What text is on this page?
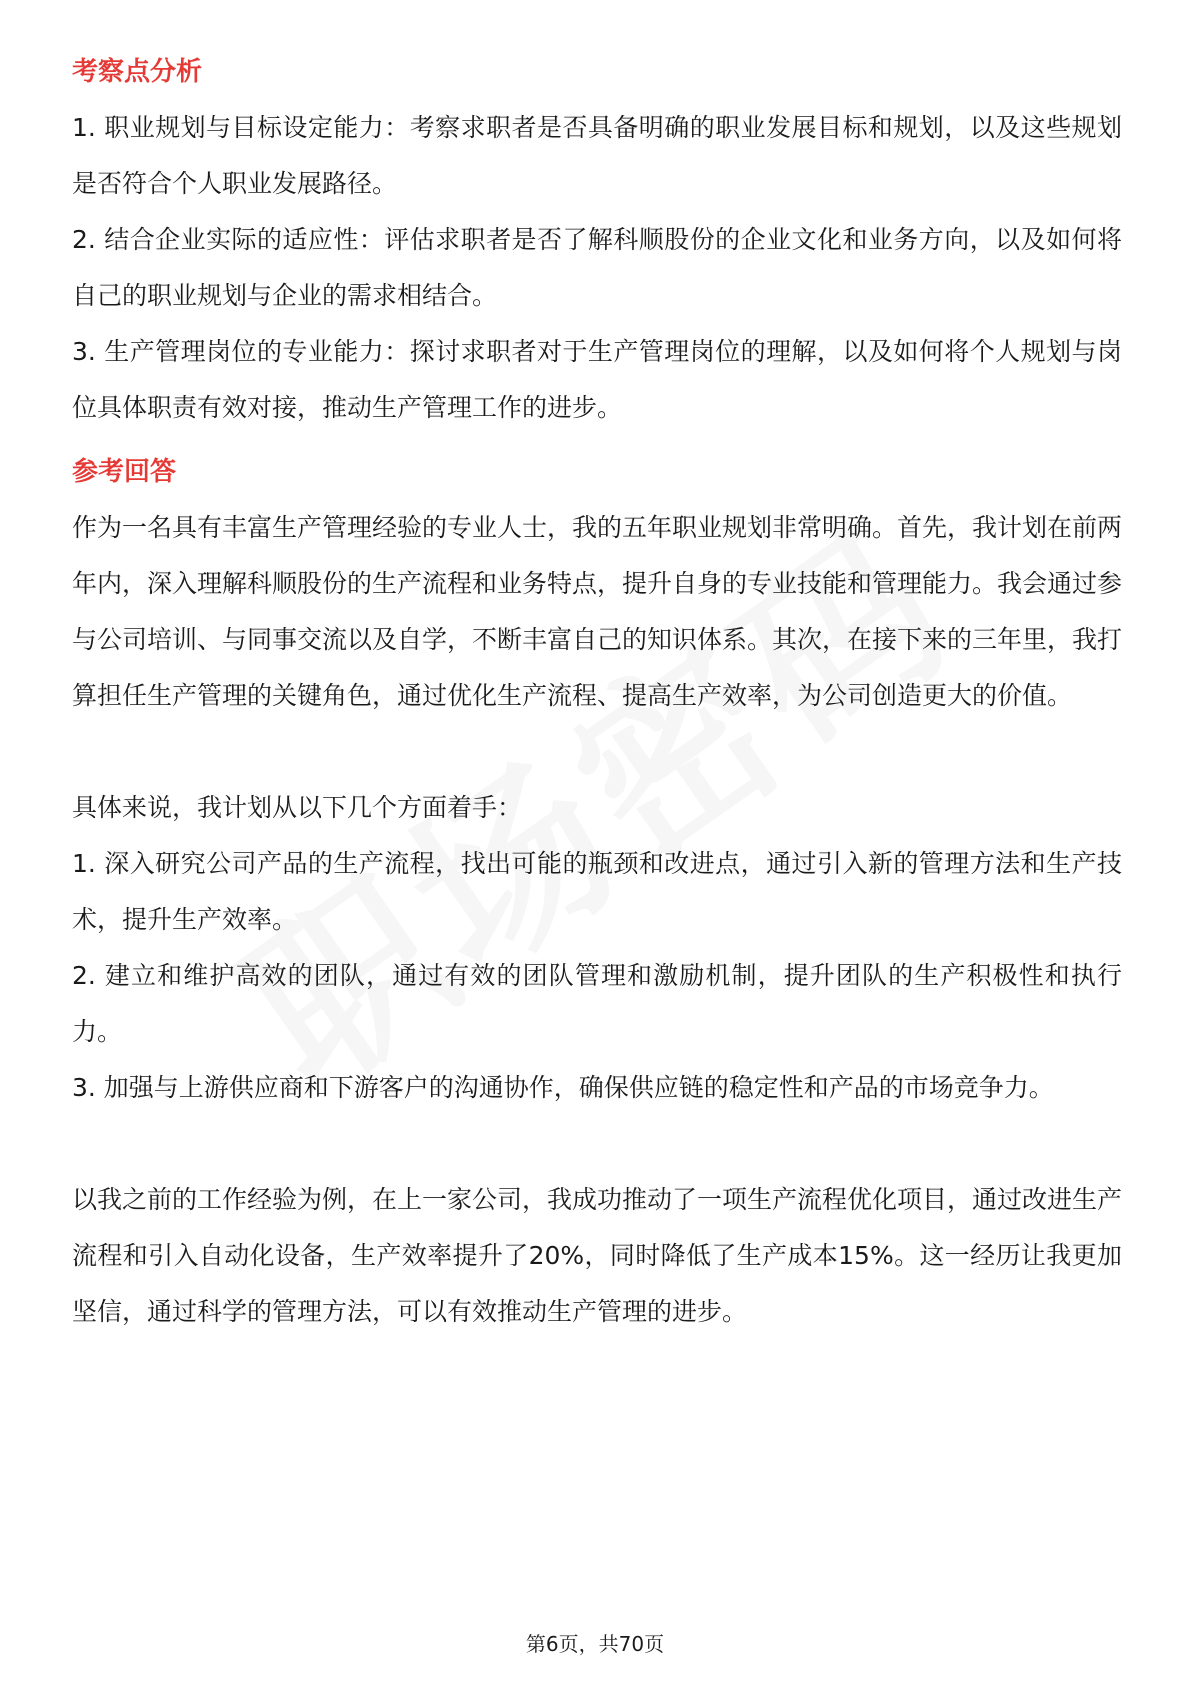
考察点分析

1. 职业规划与目标设定能力：考察求职者是否具备明确的职业发展目标和规划，以及这些规划是否符合个人职业发展路径。

2. 结合企业实际的适应性：评估求职者是否了解科顺股份的企业文化和业务方向，以及如何将自己的职业规划与企业的需求相结合。

3. 生产管理岗位的专业能力：探讨求职者对于生产管理岗位的理解，以及如何将个人规划与岗位具体职责有效对接，推动生产管理工作的进步。

参考回答

作为一名具有丰富生产管理经验的专业人士，我的五年职业规划非常明确。首先，我计划在前两年内，深入理解科顺股份的生产流程和业务特点，提升自身的专业技能和管理能力。我会通过参与公司培训、与同事交流以及自学，不断丰富自己的知识体系。其次，在接下来的三年里，我打算担任生产管理的关键角色，通过优化生产流程、提高生产效率，为公司创造更大的价值。

具体来说，我计划从以下几个方面着手：

1. 深入研究公司产品的生产流程，找出可能的瓶颈和改进点，通过引入新的管理方法和生产技术，提升生产效率。

2. 建立和维护高效的团队，通过有效的团队管理和激励机制，提升团队的生产积极性和执行力。

3. 加强与上游供应商和下游客户的沟通协作，确保供应链的稳定性和产品的市场竞争力。

以我之前的工作经验为例，在上一家公司，我成功推动了一项生产流程优化项目，通过改进生产流程和引入自动化设备，生产效率提升了20%，同时降低了生产成本15%。这一经历让我更加坚信，通过科学的管理方法，可以有效推动生产管理的进步。

第6页，共70页
